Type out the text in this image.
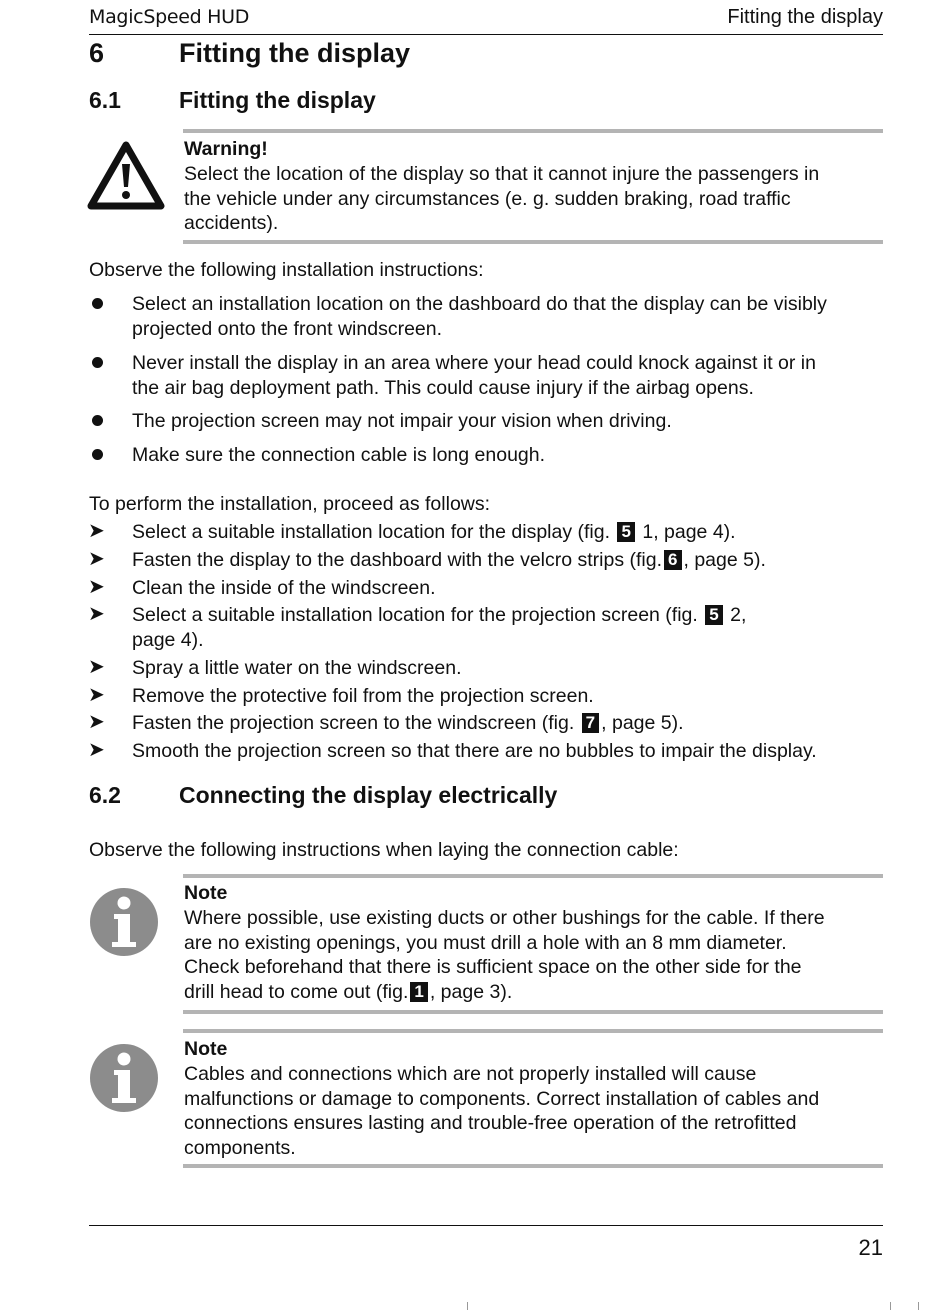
MagicSpeed HUD	Fitting the display
6	Fitting the display
6.1	Fitting the display
Warning!
Select the location of the display so that it cannot injure the passengers in
the vehicle under any circumstances (e. g. sudden braking, road traffic
accidents).
Observe the following installation instructions:
Select an installation location on the dashboard do that the display can be visibly
projected onto the front windscreen.
Never install the display in an area where your head could knock against it or in
the air bag deployment path. This could cause injury if the airbag opens.
The projection screen may not impair your vision when driving.
Make sure the connection cable is long enough.
To perform the installation, proceed as follows:
➤ Select a suitable installation location for the display (fig. 5 1, page 4).
➤ Fasten the display to the dashboard with the velcro strips (fig. 6 , page 5).
➤ Clean the inside of the windscreen.
➤ Select a suitable installation location for the projection screen (fig. 5 2,
page 4).
➤ Spray a little water on the windscreen.
➤ Remove the protective foil from the projection screen.
➤ Fasten the projection screen to the windscreen (fig. 7 , page 5).
➤ Smooth the projection screen so that there are no bubbles to impair the display.
6.2	Connecting the display electrically
Observe the following instructions when laying the connection cable:
Note
Where possible, use existing ducts or other bushings for the cable. If there
are no existing openings, you must drill a hole with an 8 mm diameter.
Check beforehand that there is sufficient space on the other side for the
drill head to come out (fig. 1 , page 3).
Note
Cables and connections which are not properly installed will cause
malfunctions or damage to components. Correct installation of cables and
connections ensures lasting and trouble-free operation of the retrofitted
components.
21
